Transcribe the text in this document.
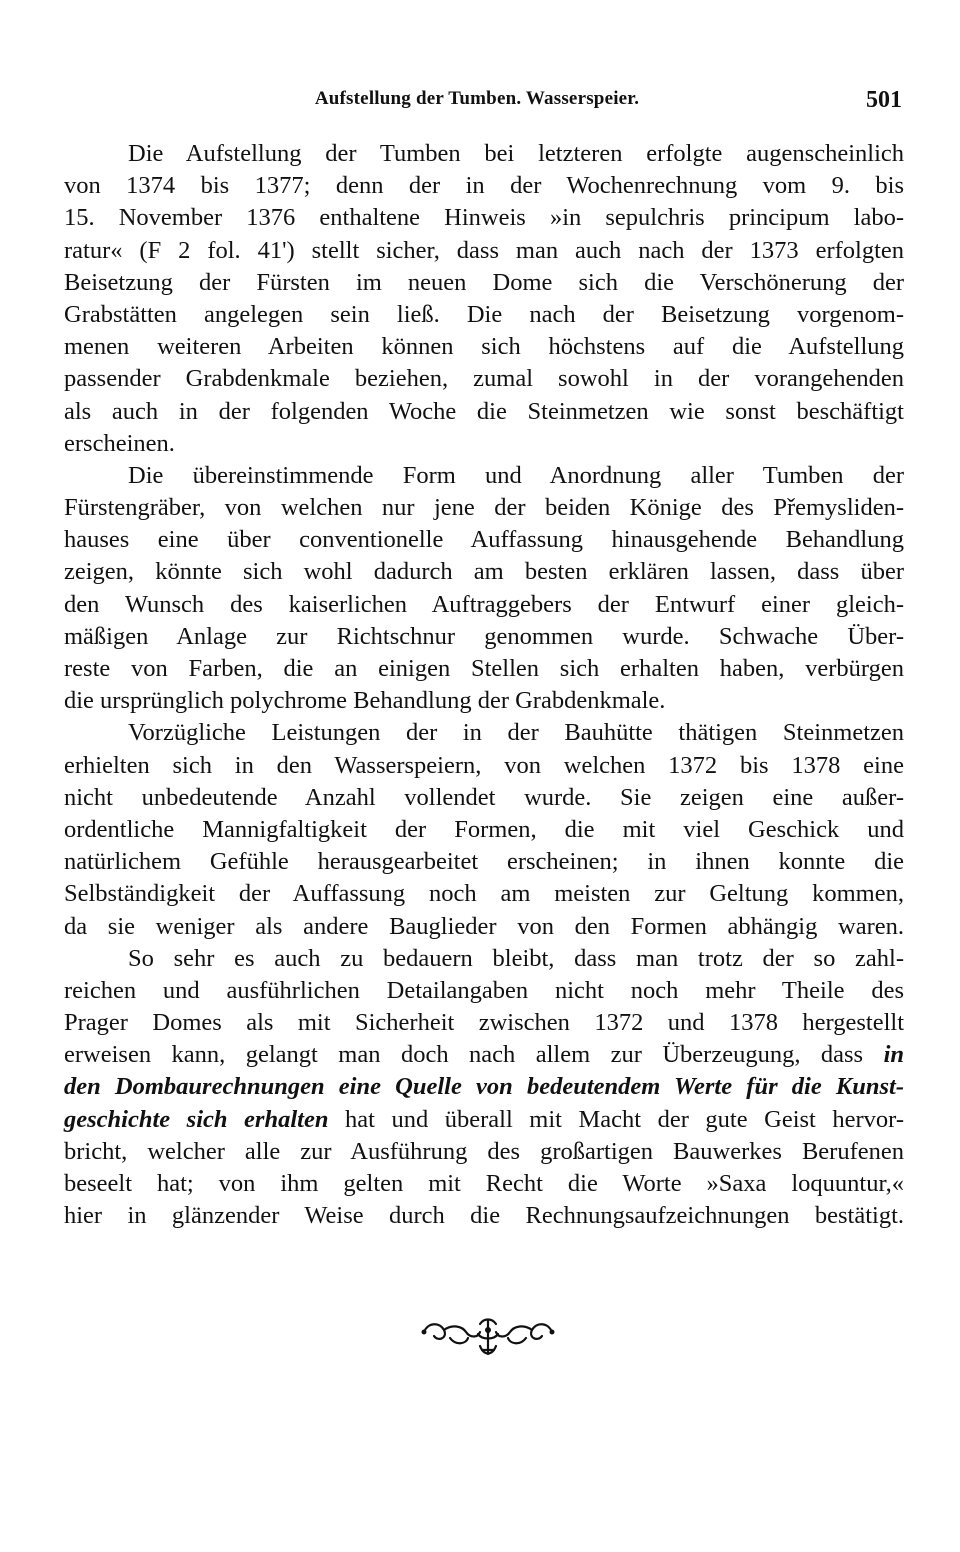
Aufstellung der Tumben. Wasserspeier.	501
Die Aufstellung der Tumben bei letzteren erfolgte augenscheinlich
von 1374 bis 1377; denn der in der Wochenrechnung vom 9. bis
15. November 1376 enthaltene Hinweis »in sepulchris principum labo-
ratur« (F 2 fol. 41') stellt sicher, dass man auch nach der 1373 erfolgten
Beisetzung der Fürsten im neuen Dome sich die Verschönerung der
Grabstätten angelegen sein ließ. Die nach der Beisetzung vorgenom-
menen weiteren Arbeiten können sich höchstens auf die Aufstellung
passender Grabdenkmale beziehen, zumal sowohl in der vorangehenden
als auch in der folgenden Woche die Steinmetzen wie sonst beschäftigt
erscheinen.
Die übereinstimmende Form und Anordnung aller Tumben der
Fürstengräber, von welchen nur jene der beiden Könige des Přemysliden-
hauses eine über conventionelle Auffassung hinausgehende Behandlung
zeigen, könnte sich wohl dadurch am besten erklären lassen, dass über
den Wunsch des kaiserlichen Auftraggebers der Entwurf einer gleich-
mäßigen Anlage zur Richtschnur genommen wurde. Schwache Über-
reste von Farben, die an einigen Stellen sich erhalten haben, verbürgen
die ursprünglich polychrome Behandlung der Grabdenkmale.
Vorzügliche Leistungen der in der Bauhütte thätigen Steinmetzen
erhielten sich in den Wasserspeiern, von welchen 1372 bis 1378 eine
nicht unbedeutende Anzahl vollendet wurde. Sie zeigen eine außer-
ordentliche Mannigfaltigkeit der Formen, die mit viel Geschick und
natürlichem Gefühle herausgearbeitet erscheinen; in ihnen konnte die
Selbständigkeit der Auffassung noch am meisten zur Geltung kommen,
da sie weniger als andere Bauglieder von den Formen abhängig waren.
So sehr es auch zu bedauern bleibt, dass man trotz der so zahl-
reichen und ausführlichen Detailangaben nicht noch mehr Theile des
Prager Domes als mit Sicherheit zwischen 1372 und 1378 hergestellt
erweisen kann, gelangt man doch nach allem zur Überzeugung, dass in
den Dombaurechnungen eine Quelle von bedeutendem Werte für die Kunst-
geschichte sich erhalten hat und überall mit Macht der gute Geist hervor-
bricht, welcher alle zur Ausführung des großartigen Bauwerkes Berufenen
beseelt hat; von ihm gelten mit Recht die Worte »Saxa loquuntur,«
hier in glänzender Weise durch die Rechnungsaufzeichnungen bestätigt.
